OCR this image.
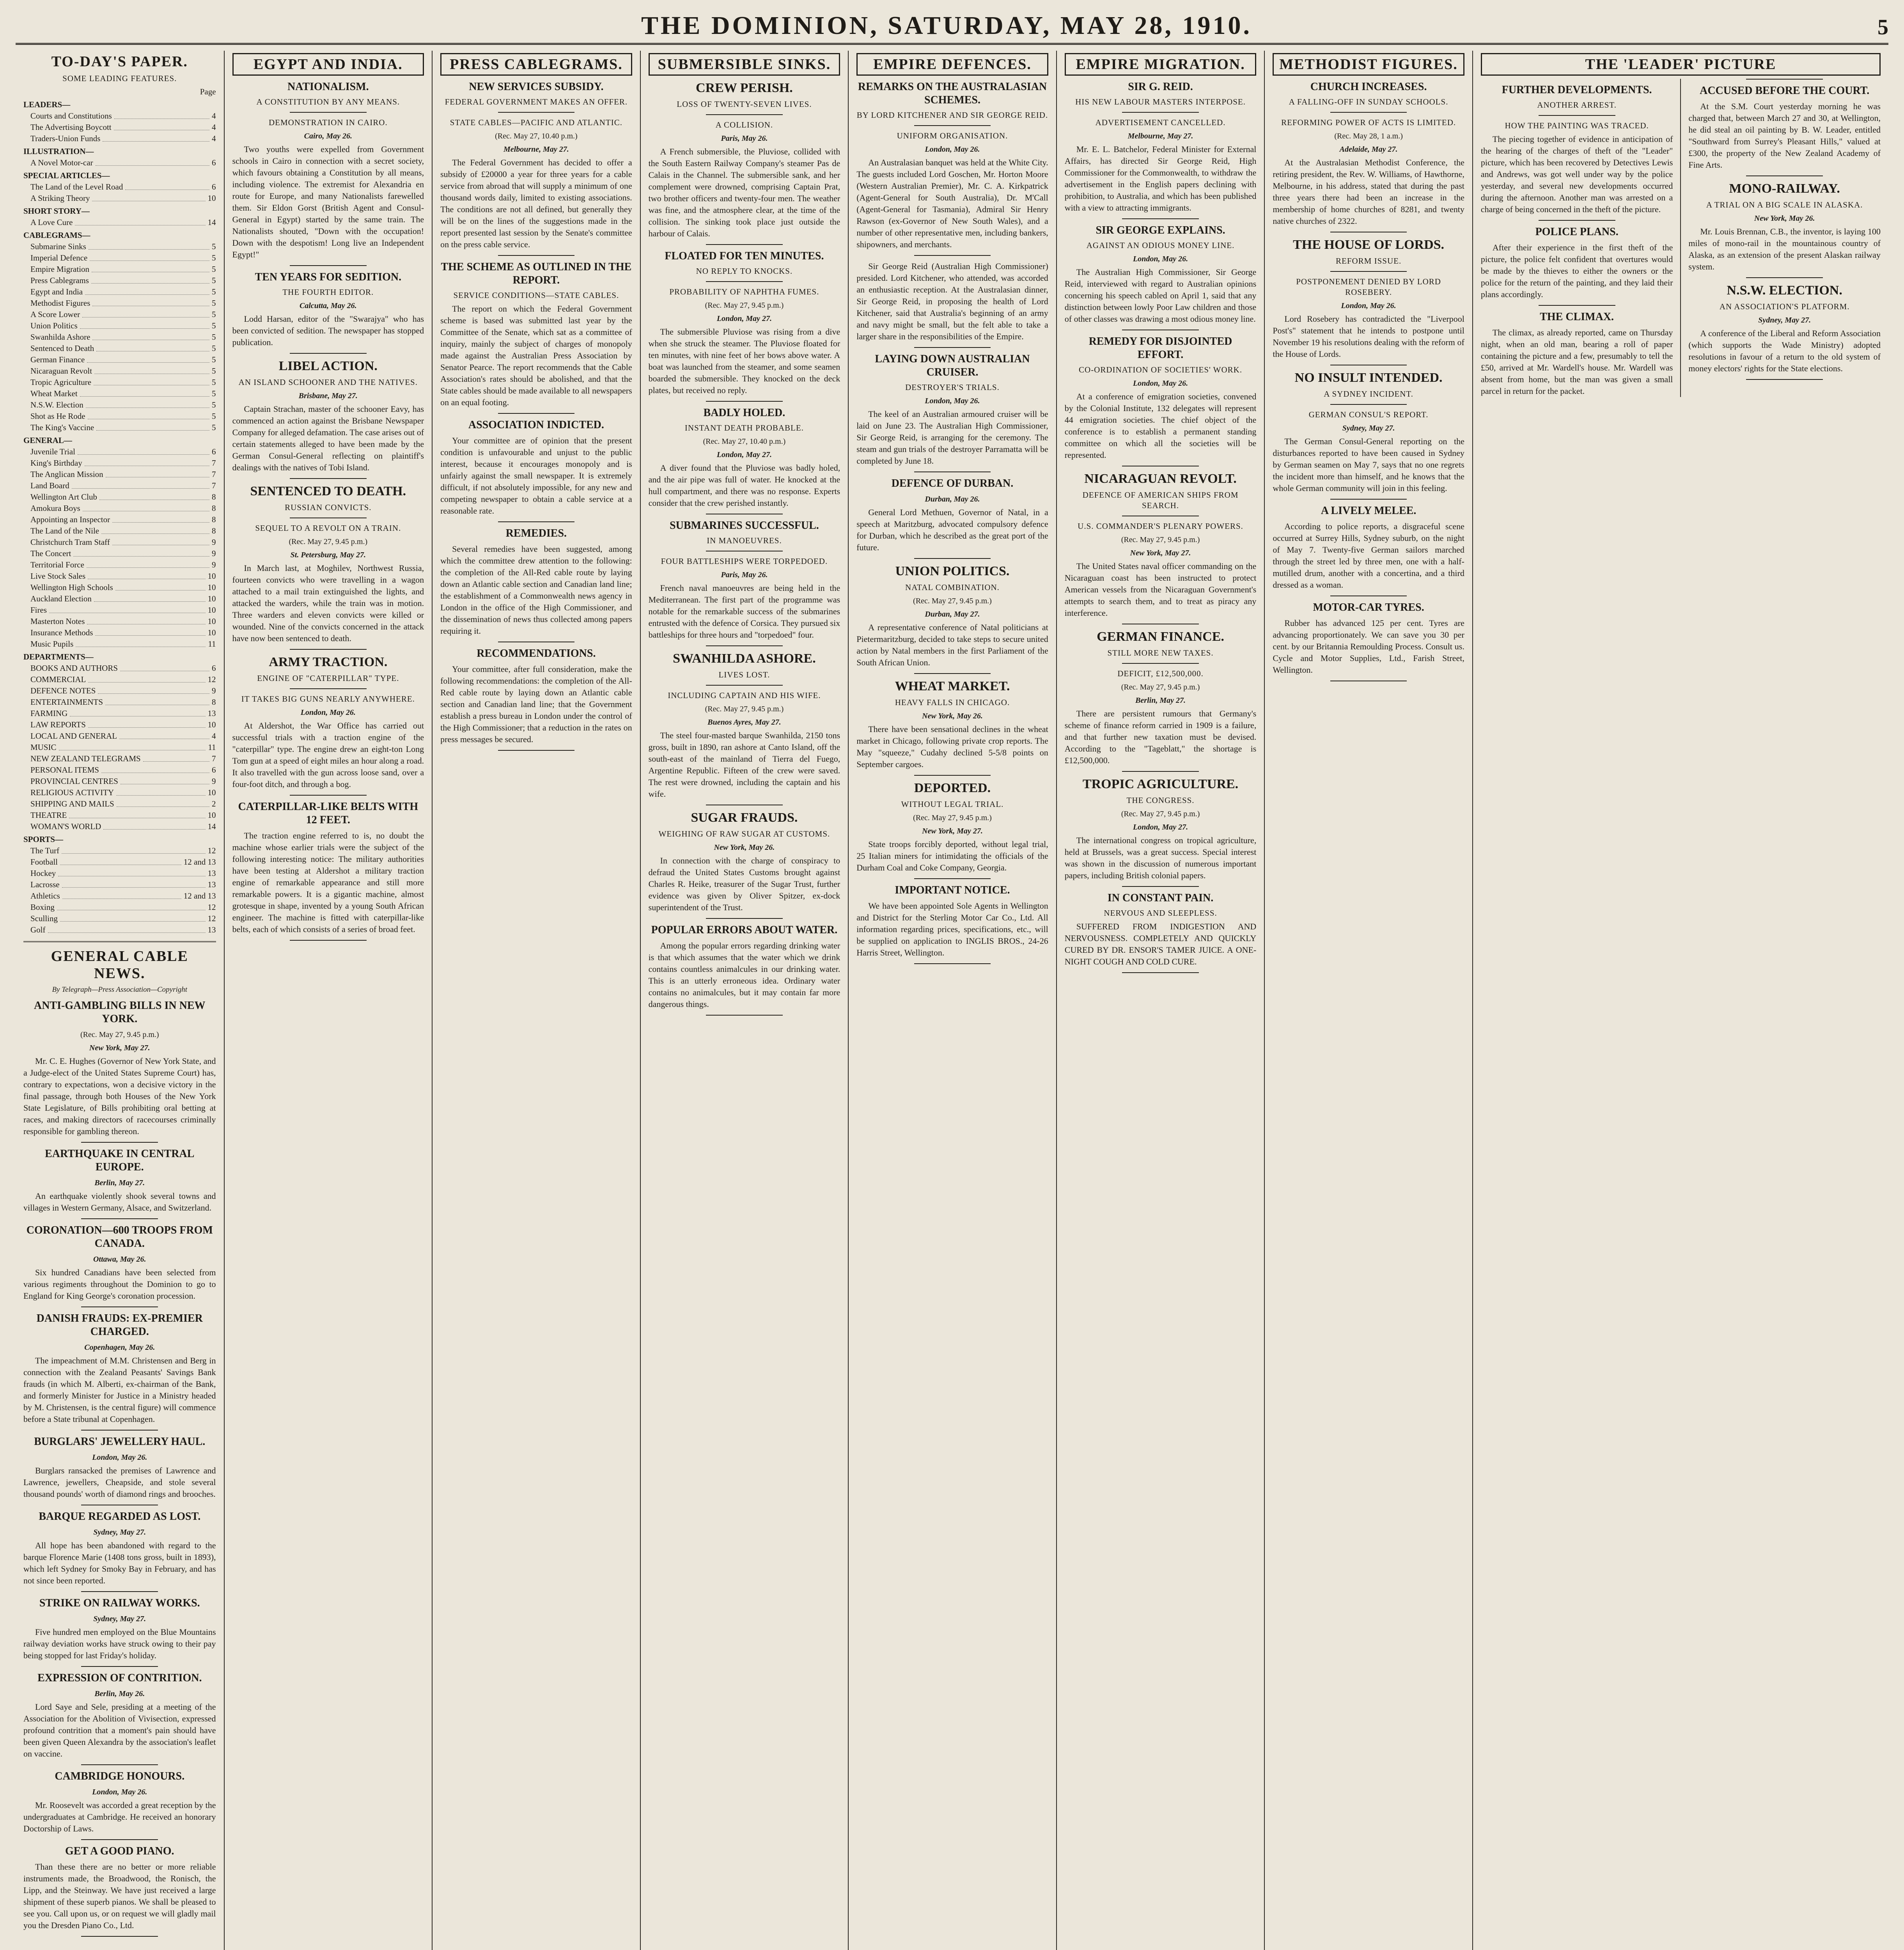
THE DOMINION, SATURDAY, MAY 28, 1910.	5
TO-DAY'S PAPER.
SOME LEADING FEATURES.
Page
LEADERS—
Courts and Constitutions	4
The Advertising Boycott	4
Traders-Union Funds	4
ILLUSTRATION—
A Novel Motor-car	6
SPECIAL ARTICLES—
The Land of the Level Road	6
A Striking Theory	10
SHORT STORY—
A Love Cure	14
CABLEGRAMS—
Submarine Sinks	5
Imperial Defence	5
Empire Migration	5
Press Cablegrams	5
Egypt and India	5
Methodist Figures	5
A Score Lower	5
Union Politics	5
Swanhilda Ashore	5
Sentenced to Death	5
German Finance	5
Nicaraguan Revolt	5
Tropic Agriculture	5
Wheat Market	5
N.S.W. Election	5
Shot as He Rode	5
The King's Vaccine	5
GENERAL—
Juvenile Trial	6
King's Birthday	7
The Anglican Mission	7
Land Board	7
Wellington Art Club	8
Amokura Boys	8
Appointing an Inspector	8
The Land of the Nile	8
Christchurch Tram Staff	9
The Concert	9
Territorial Force	9
Live Stock Sales	10
Wellington High Schools	10
Auckland Election	10
Fires	10
Masterton Notes	10
Insurance Methods	10
Music Pupils	11
DEPARTMENTS—
BOOKS AND AUTHORS	6
COMMERCIAL	12
DEFENCE NOTES	9
ENTERTAINMENTS	8
FARMING	13
LAW REPORTS	10
LOCAL AND GENERAL	4
MUSIC	11
NEW ZEALAND TELEGRAMS	7
PERSONAL ITEMS	6
PROVINCIAL CENTRES	9
RELIGIOUS ACTIVITY	10
SHIPPING AND MAILS	2
THEATRE	10
WOMAN'S WORLD	14
SPORTS—
The Turf	12
Football	12 and 13
Hockey	13
Lacrosse	13
Athletics	12 and 13
Boxing	12
Sculling	12
Golf	13
GENERAL CABLE NEWS.
By Telegraph—Press Association—Copyright
ANTI-GAMBLING BILLS IN NEW YORK.
(Rec. May 27, 9.45 p.m.)
New York, May 27.

Mr. C. E. Hughes (Governor of New York State, and a Judge-elect of the United States Supreme Court) has, contrary to expectations, won a decisive victory in the final passage, through both Houses of the New York State Legislature, of Bills prohibiting oral betting at races, and making directors of racecourses criminally responsible for gambling thereon.

EARTHQUAKE IN CENTRAL EUROPE.
Berlin, May 27.

An earthquake violently shook several towns and villages in Western Germany, Alsace, and Switzerland.

CORONATION—600 TROOPS FROM CANADA.
Ottawa, May 26.

Six hundred Canadians have been selected from various regiments throughout the Dominion to go to England for King George's coronation procession.

DANISH FRAUDS: EX-PREMIER CHARGED.
Copenhagen, May 26.

The impeachment of M.M. Christensen and Berg in connection with the Zealand Peasants' Savings Bank frauds (in which M. Alberti, ex-chairman of the Bank, and formerly Minister for Justice in a Ministry headed by M. Christensen, is the central figure) will commence before a State tribunal at Copenhagen.

BURGLARS' JEWELLERY HAUL.
London, May 26.

Burglars ransacked the premises of Lawrence and Lawrence, jewellers, Cheapside, and stole several thousand pounds' worth of diamond rings and brooches.

BARQUE REGARDED AS LOST.
Sydney, May 27.

All hope has been abandoned with regard to the barque Florence Marie (1408 tons gross, built in 1893), which left Sydney for Smoky Bay in February, and has not since been reported.

STRIKE ON RAILWAY WORKS.
Sydney, May 27.

Five hundred men employed on the Blue Mountains railway deviation works have struck owing to their pay being stopped for last Friday's holiday.

EXPRESSION OF CONTRITION.
Berlin, May 26.

Lord Saye and Sele, presiding at a meeting of the Association for the Abolition of Vivisection, expressed profound contrition that a moment's pain should have been given Queen Alexandra by the association's leaflet on vaccine.

CAMBRIDGE HONOURS.
London, May 26.

Mr. Roosevelt was accorded a great reception by the undergraduates at Cambridge. He received an honorary Doctorship of Laws.

GET A GOOD PIANO.

Than these there are no better or more reliable instruments made, the Broadwood, the Ronisch, the Lipp, and the Steinway. We have just received a large shipment of these superb pianos. We shall be pleased to see you. Call upon us, or on request we will gladly mail you the Dresden Piano Co., Ltd.

EGYPT AND INDIA.
NATIONALISM.
A CONSTITUTION BY ANY MEANS.
DEMONSTRATION IN CAIRO.
Cairo, May 26.

Two youths were expelled from Government schools in Cairo in connection with a secret society, which favours obtaining a Constitution by all means, including violence. The extremist for Alexandria en route for Europe, and many Nationalists farewelled them. Sir Eldon Gorst (British Agent and Consul-General in Egypt) started by the same train. The Nationalists shouted, "Down with the occupation! Down with the despotism! Long live an Independent Egypt!"

TEN YEARS FOR SEDITION.
THE FOURTH EDITOR.
Calcutta, May 26.

Lodd Harsan, editor of the "Swarajya" who has been convicted of sedition. The newspaper has stopped publication.

LIBEL ACTION.
AN ISLAND SCHOONER AND THE NATIVES.
Brisbane, May 27.

Captain Strachan, master of the schooner Eavy, has commenced an action against the Brisbane Newspaper Company for alleged defamation. The case arises out of certain statements alleged to have been made by the German Consul-General reflecting on plaintiff's dealings with the natives of Tobi Island.

SENTENCED TO DEATH.
RUSSIAN CONVICTS.
SEQUEL TO A REVOLT ON A TRAIN.
(Rec. May 27, 9.45 p.m.)
St. Petersburg, May 27.

In March last, at Moghilev, Northwest Russia, fourteen convicts who were travelling in a wagon attached to a mail train extinguished the lights, and attacked the warders, while the train was in motion. Three warders and eleven convicts were killed or wounded. Nine of the convicts concerned in the attack have now been sentenced to death.

ARMY TRACTION.
ENGINE OF "CATERPILLAR" TYPE.
IT TAKES BIG GUNS NEARLY ANYWHERE.
London, May 26.

At Aldershot, the War Office has carried out successful trials with a traction engine of the "caterpillar" type. The engine drew an eight-ton Long Tom gun at a speed of eight miles an hour along a road. It also travelled with the gun across loose sand, over a four-foot ditch, and through a bog.

CATERPILLAR-LIKE BELTS WITH 12 FEET.

The traction engine referred to is, no doubt the machine whose earlier trials were the subject of the following interesting notice: The military authorities have been testing at Aldershot a military traction engine of remarkable appearance and still more remarkable powers. It is a gigantic machine, almost grotesque in shape, invented by a young South African engineer. The machine is fitted with caterpillar-like belts, each of which consists of a series of broad feet.

PRESS CABLEGRAMS.
NEW SERVICES SUBSIDY.
FEDERAL GOVERNMENT MAKES AN OFFER.
STATE CABLES—PACIFIC AND ATLANTIC.
(Rec. May 27, 10.40 p.m.)
Melbourne, May 27.

The Federal Government has decided to offer a subsidy of £20000 a year for three years for a cable service from abroad that will supply a minimum of one thousand words daily, limited to existing associations. The conditions are not all defined, but generally they will be on the lines of the suggestions made in the report presented last session by the Senate's committee on the press cable service.

THE SCHEME AS OUTLINED IN THE REPORT.
SERVICE CONDITIONS—STATE CABLES.

The report on which the Federal Government scheme is based was submitted last year by the Committee of the Senate, which sat as a committee of inquiry, mainly the subject of charges of monopoly made against the Australian Press Association by Senator Pearce. The report recommends that the Cable Association's rates should be abolished, and that the State cables should be made available to all newspapers on an equal footing.

ASSOCIATION INDICTED.

Your committee are of opinion that the present condition is unfavourable and unjust to the public interest, because it encourages monopoly and is unfairly against the small newspaper. It is extremely difficult, if not absolutely impossible, for any new and competing newspaper to obtain a cable service at a reasonable rate.

REMEDIES.

Several remedies have been suggested, among which the committee drew attention to the following: the completion of the All-Red cable route by laying down an Atlantic cable section and Canadian land line; the establishment of a Commonwealth news agency in London in the office of the High Commissioner, and the dissemination of news thus collected among papers requiring it.

RECOMMENDATIONS.

Your committee, after full consideration, make the following recommendations: the completion of the All-Red cable route by laying down an Atlantic cable section and Canadian land line; that the Government establish a press bureau in London under the control of the High Commissioner; that a reduction in the rates on press messages be secured.

SUBMERSIBLE SINKS.
CREW PERISH.
LOSS OF TWENTY-SEVEN LIVES.
A COLLISION.
Paris, May 26.

A French submersible, the Pluviose, collided with the South Eastern Railway Company's steamer Pas de Calais in the Channel. The submersible sank, and her complement were drowned, comprising Captain Prat, two brother officers and twenty-four men. The weather was fine, and the atmosphere clear, at the time of the collision. The sinking took place just outside the harbour of Calais.

FLOATED FOR TEN MINUTES.
NO REPLY TO KNOCKS.
PROBABILITY OF NAPHTHA FUMES.
(Rec. May 27, 9.45 p.m.)
London, May 27.

The submersible Pluviose was rising from a dive when she struck the steamer. The Pluviose floated for ten minutes, with nine feet of her bows above water. A boat was launched from the steamer, and some seamen boarded the submersible. They knocked on the deck plates, but received no reply.

BADLY HOLED.
INSTANT DEATH PROBABLE.
(Rec. May 27, 10.40 p.m.)
London, May 27.

A diver found that the Pluviose was badly holed, and the air pipe was full of water. He knocked at the hull compartment, and there was no response. Experts consider that the crew perished instantly.

SUBMARINES SUCCESSFUL.
IN MANOEUVRES.
FOUR BATTLESHIPS WERE TORPEDOED.
Paris, May 26.

French naval manoeuvres are being held in the Mediterranean. The first part of the programme was notable for the remarkable success of the submarines entrusted with the defence of Corsica. They pursued six battleships for three hours and "torpedoed" four.

SWANHILDA ASHORE.
LIVES LOST.
INCLUDING CAPTAIN AND HIS WIFE.
(Rec. May 27, 9.45 p.m.)
Buenos Ayres, May 27.

The steel four-masted barque Swanhilda, 2150 tons gross, built in 1890, ran ashore at Canto Island, off the south-east of the mainland of Tierra del Fuego, Argentine Republic. Fifteen of the crew were saved. The rest were drowned, including the captain and his wife.

SUGAR FRAUDS.
WEIGHING OF RAW SUGAR AT CUSTOMS.
New York, May 26.

In connection with the charge of conspiracy to defraud the United States Customs brought against Charles R. Heike, treasurer of the Sugar Trust, further evidence was given by Oliver Spitzer, ex-dock superintendent of the Trust.

POPULAR ERRORS ABOUT WATER.

Among the popular errors regarding drinking water is that which assumes that the water which we drink contains countless animalcules in our drinking water. This is an utterly erroneous idea. Ordinary water contains no animalcules, but it may contain far more dangerous things.

EMPIRE DEFENCES.
REMARKS ON THE AUSTRALASIAN SCHEMES.
BY LORD KITCHENER AND SIR GEORGE REID.
UNIFORM ORGANISATION.
London, May 26.

An Australasian banquet was held at the White City. The guests included Lord Goschen, Mr. Horton Moore (Western Australian Premier), Mr. C. A. Kirkpatrick (Agent-General for South Australia), Dr. M'Call (Agent-General for Tasmania), Admiral Sir Henry Rawson (ex-Governor of New South Wales), and a number of other representative men, including bankers, shipowners, and merchants.

Sir George Reid (Australian High Commissioner) presided. Lord Kitchener, who attended, was accorded an enthusiastic reception. At the Australasian dinner, Sir George Reid, in proposing the health of Lord Kitchener, said that Australia's beginning of an army and navy might be small, but the felt able to take a larger share in the responsibilities of the Empire.

LAYING DOWN AUSTRALIAN CRUISER.
DESTROYER'S TRIALS.
London, May 26.

The keel of an Australian armoured cruiser will be laid on June 23. The Australian High Commissioner, Sir George Reid, is arranging for the ceremony. The steam and gun trials of the destroyer Parramatta will be completed by June 18.

DEFENCE OF DURBAN.
Durban, May 26.

General Lord Methuen, Governor of Natal, in a speech at Maritzburg, advocated compulsory defence for Durban, which he described as the great port of the future.

UNION POLITICS.
NATAL COMBINATION.
(Rec. May 27, 9.45 p.m.)
Durban, May 27.

A representative conference of Natal politicians at Pietermaritzburg, decided to take steps to secure united action by Natal members in the first Parliament of the South African Union.

WHEAT MARKET.
HEAVY FALLS IN CHICAGO.
New York, May 26.

There have been sensational declines in the wheat market in Chicago, following private crop reports. The May "squeeze," Cudahy declined 5-5/8 points on September cargoes.

DEPORTED.
WITHOUT LEGAL TRIAL.
(Rec. May 27, 9.45 p.m.)
New York, May 27.

State troops forcibly deported, without legal trial, 25 Italian miners for intimidating the officials of the Durham Coal and Coke Company, Georgia.

IMPORTANT NOTICE.

We have been appointed Sole Agents in Wellington and District for the Sterling Motor Car Co., Ltd. All information regarding prices, specifications, etc., will be supplied on application to INGLIS BROS., 24-26 Harris Street, Wellington.

EMPIRE MIGRATION.
SIR G. REID.
HIS NEW LABOUR MASTERS INTERPOSE.
ADVERTISEMENT CANCELLED.
Melbourne, May 27.

Mr. E. L. Batchelor, Federal Minister for External Affairs, has directed Sir George Reid, High Commissioner for the Commonwealth, to withdraw the advertisement in the English papers declining with prohibition, to Australia, and which has been published with a view to attracting immigrants.

SIR GEORGE EXPLAINS.
AGAINST AN ODIOUS MONEY LINE.
London, May 26.

The Australian High Commissioner, Sir George Reid, interviewed with regard to Australian opinions concerning his speech cabled on April 1, said that any distinction between lowly Poor Law children and those of other classes was drawing a most odious money line.

REMEDY FOR DISJOINTED EFFORT.
CO-ORDINATION OF SOCIETIES' WORK.
London, May 26.

At a conference of emigration societies, convened by the Colonial Institute, 132 delegates will represent 44 emigration societies. The chief object of the conference is to establish a permanent standing committee on which all the societies will be represented.

NICARAGUAN REVOLT.
DEFENCE OF AMERICAN SHIPS FROM SEARCH.
U.S. COMMANDER'S PLENARY POWERS.
(Rec. May 27, 9.45 p.m.)
New York, May 27.

The United States naval officer commanding on the Nicaraguan coast has been instructed to protect American vessels from the Nicaraguan Government's attempts to search them, and to treat as piracy any interference.

GERMAN FINANCE.
STILL MORE NEW TAXES.
DEFICIT, £12,500,000.
(Rec. May 27, 9.45 p.m.)
Berlin, May 27.

There are persistent rumours that Germany's scheme of finance reform carried in 1909 is a failure, and that further new taxation must be devised. According to the "Tageblatt," the shortage is £12,500,000.

TROPIC AGRICULTURE.
THE CONGRESS.
(Rec. May 27, 9.45 p.m.)
London, May 27.

The international congress on tropical agriculture, held at Brussels, was a great success. Special interest was shown in the discussion of numerous important papers, including British colonial papers.

IN CONSTANT PAIN.
NERVOUS AND SLEEPLESS.

SUFFERED FROM INDIGESTION AND NERVOUSNESS. COMPLETELY AND QUICKLY CURED BY DR. ENSOR'S TAMER JUICE. A ONE-NIGHT COUGH AND COLD CURE.

METHODIST FIGURES.
CHURCH INCREASES.
A FALLING-OFF IN SUNDAY SCHOOLS.
REFORMING POWER OF ACTS IS LIMITED.
(Rec. May 28, 1 a.m.)
Adelaide, May 27.

At the Australasian Methodist Conference, the retiring president, the Rev. W. Williams, of Hawthorne, Melbourne, in his address, stated that during the past three years there had been an increase in the membership of home churches of 8281, and twenty native churches of 2322.

THE HOUSE OF LORDS.
REFORM ISSUE.
POSTPONEMENT DENIED BY LORD ROSEBERY.
London, May 26.

Lord Rosebery has contradicted the "Liverpool Post's" statement that he intends to postpone until November 19 his resolutions dealing with the reform of the House of Lords.

NO INSULT INTENDED.
A SYDNEY INCIDENT.
GERMAN CONSUL'S REPORT.
Sydney, May 27.

The German Consul-General reporting on the disturbances reported to have been caused in Sydney by German seamen on May 7, says that no one regrets the incident more than himself, and he knows that the whole German community will join in this feeling.

A LIVELY MELEE.

According to police reports, a disgraceful scene occurred at Surrey Hills, Sydney suburb, on the night of May 7. Twenty-five German sailors marched through the street led by three men, one with a half-mutilled drum, another with a concertina, and a third dressed as a woman.

MOTOR-CAR TYRES.

Rubber has advanced 125 per cent. Tyres are advancing proportionately. We can save you 30 per cent. by our Britannia Remoulding Process. Consult us. Cycle and Motor Supplies, Ltd., Farish Street, Wellington.

THE 'LEADER' PICTURE
FURTHER DEVELOPMENTS.
ANOTHER ARREST.
HOW THE PAINTING WAS TRACED.

The piecing together of evidence in anticipation of the hearing of the charges of theft of the "Leader" picture, which has been recovered by Detectives Lewis and Andrews, was got well under way by the police yesterday, and several new developments occurred during the afternoon. Another man was arrested on a charge of being concerned in the theft of the picture.

POLICE PLANS.

After their experience in the first theft of the picture, the police felt confident that overtures would be made by the thieves to either the owners or the police for the return of the painting, and they laid their plans accordingly.

THE CLIMAX.

The climax, as already reported, came on Thursday night, when an old man, bearing a roll of paper containing the picture and a few, presumably to tell the £50, arrived at Mr. Wardell's house. Mr. Wardell was absent from home, but the man was given a small parcel in return for the packet.

ACCUSED BEFORE THE COURT.

At the S.M. Court yesterday morning he was charged that, between March 27 and 30, at Wellington, he did steal an oil painting by B. W. Leader, entitled "Southward from Surrey's Pleasant Hills," valued at £300, the property of the New Zealand Academy of Fine Arts.

MONO-RAILWAY.
A TRIAL ON A BIG SCALE IN ALASKA.
New York, May 26.

Mr. Louis Brennan, C.B., the inventor, is laying 100 miles of mono-rail in the mountainous country of Alaska, as an extension of the present Alaskan railway system.

N.S.W. ELECTION.
AN ASSOCIATION'S PLATFORM.
Sydney, May 27.

A conference of the Liberal and Reform Association (which supports the Wade Ministry) adopted resolutions in favour of a return to the old system of money electors' rights for the State elections.
